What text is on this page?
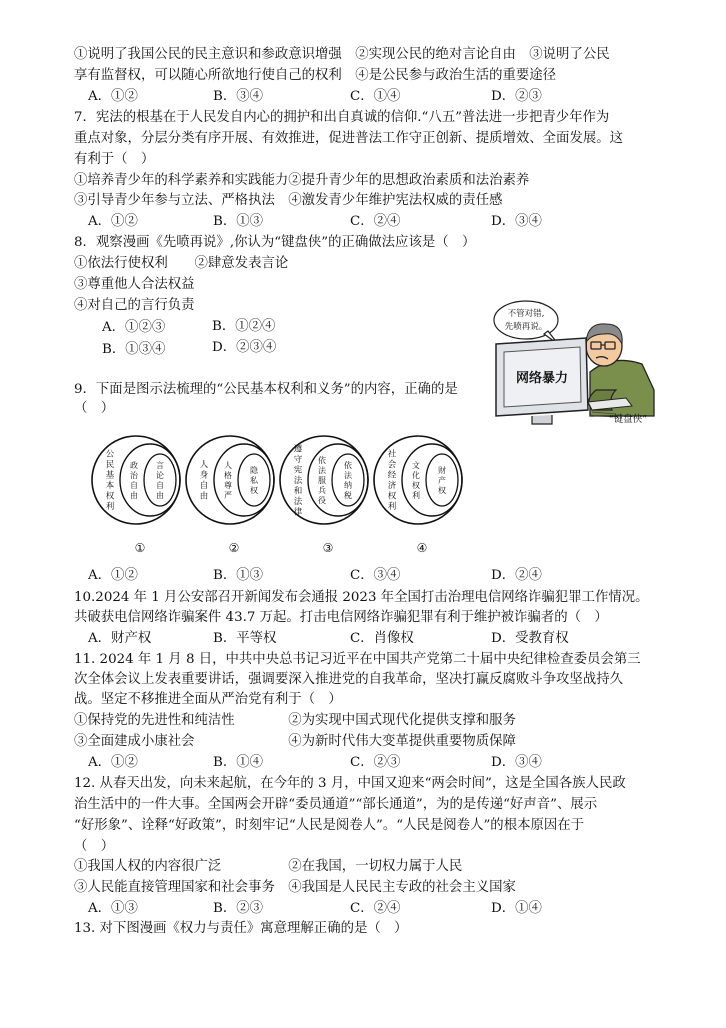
①说明了我国公民的民主意识和参政意识增强　②实现公民的绝对言论自由　③说明了公民
享有监督权，可以随心所欲地行使自己的权利　④是公民参与政治生活的重要途径
A．①②	B．③④	C．①④	D．②③
7．宪法的根基在于人民发自内心的拥护和出自真诚的信仰.“八五”普法进一步把青少年作为
重点对象，分层分类有序开展、有效推进，促进普法工作守正创新、提质增效、全面发展。这
有利于（　）
①培养青少年的科学素养和实践能力②提升青少年的思想政治素质和法治素养
③引导青少年参与立法、严格执法　④激发青少年维护宪法权威的责任感
A．①②	B．①③	C．②④	D．③④
8．观察漫画《先喷再说》,你认为“键盘侠”的正确做法应该是（　）
①依法行使权利　　②肆意发表言论
③尊重他人合法权益
④对自己的言行负责
A．①②③	B．①②④
B．①③④	D．②③④
不管对错,
先喷再说。
网络暴力
“键盘侠”
9．下面是图示法梳理的“公民基本权利和义务”的内容，正确的是
（　）
公民基本权利
政治自由
言论自由
①
人身自由
人格尊严
隐私权
②
遵守宪法和法律
依法服兵役
依法纳税
③
社会经济权利
文化权利
财产权
④
A．①②	B．①③	C．③④	D．②④
10.2024 年 1 月公安部召开新闻发布会通报 2023 年全国打击治理电信网络诈骗犯罪工作情况。
共破获电信网络诈骗案件 43.7 万起。打击电信网络诈骗犯罪有利于维护被诈骗者的（　）
A．财产权	B．平等权	C．肖像权	D．受教育权
11. 2024 年 1 月 8 日，中共中央总书记习近平在中国共产党第二十届中央纪律检查委员会第三
次全体会议上发表重要讲话，强调要深入推进党的自我革命，坚决打赢反腐败斗争攻坚战持久
战。坚定不移推进全面从严治党有利于（　）
①保持党的先进性和纯洁性　　　　②为实现中国式现代化提供支撑和服务
③全面建成小康社会　　　　　　　④为新时代伟大变革提供重要物质保障
A．①②	B．①④	C．②③	D．③④
12. 从春天出发，向未来起航，在今年的 3 月，中国又迎来“两会时间”，这是全国各族人民政
治生活中的一件大事。全国两会开辟“委员通道”“部长通道”，为的是传递“好声音”、展示
“好形象”、诠释“好政策”，时刻牢记“人民是阅卷人”。“人民是阅卷人”的根本原因在于
（　）
①我国人权的内容很广泛　　　　　②在我国，一切权力属于人民
③人民能直接管理国家和社会事务　④我国是人民民主专政的社会主义国家
A．①③	B．②③	C．②④	D．①④
13. 对下图漫画《权力与责任》寓意理解正确的是（　）
